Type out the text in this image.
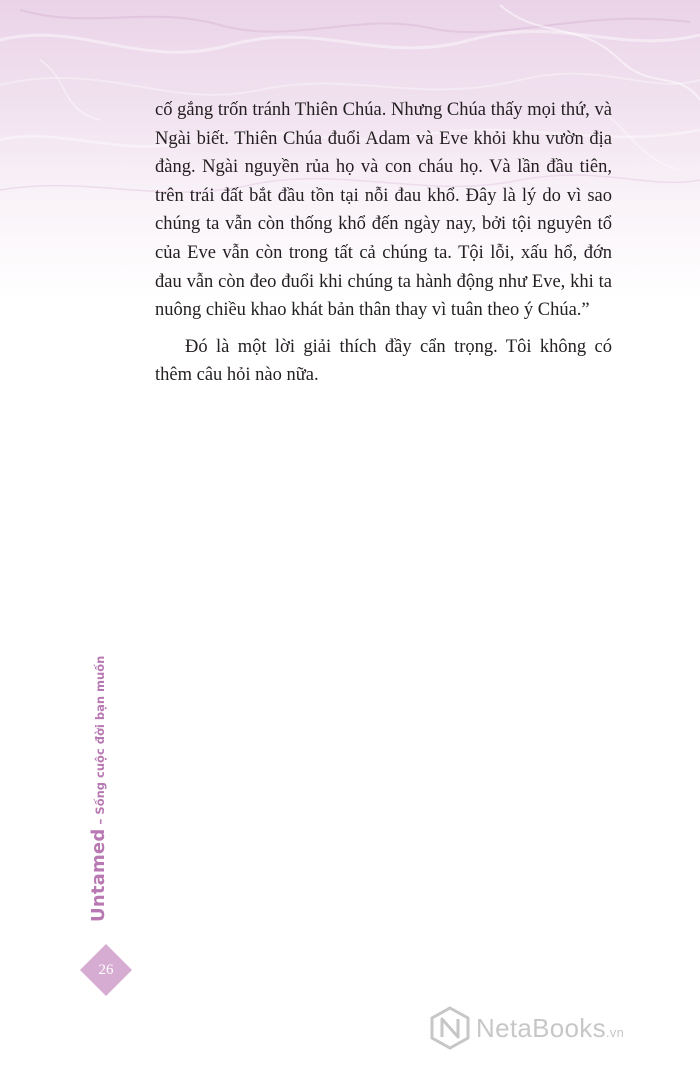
cố gắng trốn tránh Thiên Chúa. Nhưng Chúa thấy mọi thứ, và Ngài biết. Thiên Chúa đuổi Adam và Eve khỏi khu vườn địa đàng. Ngài nguyền rủa họ và con cháu họ. Và lần đầu tiên, trên trái đất bắt đầu tồn tại nỗi đau khổ. Đây là lý do vì sao chúng ta vẫn còn thống khổ đến ngày nay, bởi tội nguyên tổ của Eve vẫn còn trong tất cả chúng ta. Tội lỗi, xấu hổ, đớn đau vẫn còn đeo đuổi khi chúng ta hành động như Eve, khi ta nuông chiều khao khát bản thân thay vì tuân theo ý Chúa.”

Đó là một lời giải thích đầy cẩn trọng. Tôi không có thêm câu hỏi nào nữa.

Untamed
–
Sống cuộc đời bạn muốn
26
NetaBooks.vn
